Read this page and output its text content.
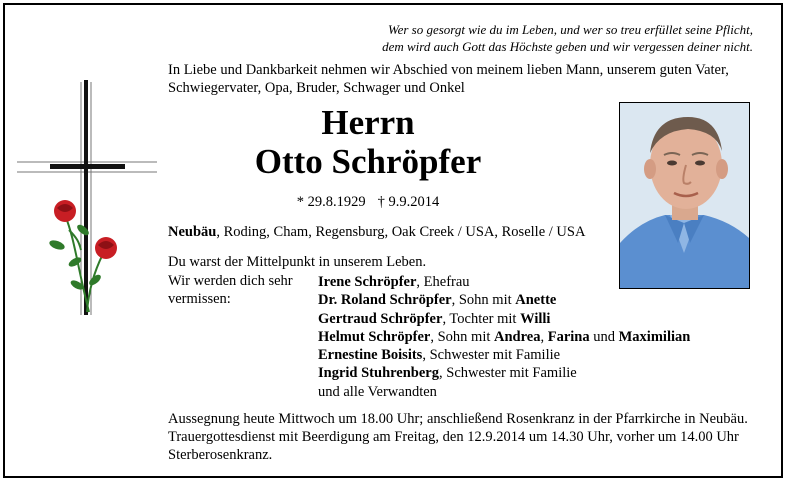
Wer so gesorgt wie du im Leben, und wer so treu erfüllet seine Pflicht,
dem wird auch Gott das Höchste geben und wir vergessen deiner nicht.
In Liebe und Dankbarkeit nehmen wir Abschied von meinem lieben Mann, unserem guten Vater,
Schwiegervater, Opa, Bruder, Schwager und Onkel
Herrn
Otto Schröpfer
* 29.8.1929 † 9.9.2014
Neubäu, Roding, Cham, Regensburg, Oak Creek / USA, Roselle / USA
Du warst der Mittelpunkt in unserem Leben.
Wir werden dich sehr
vermissen:
Irene Schröpfer, Ehefrau
Dr. Roland Schröpfer, Sohn mit Anette
Gertraud Schröpfer, Tochter mit Willi
Helmut Schröpfer, Sohn mit Andrea, Farina und Maximilian
Ernestine Boisits, Schwester mit Familie
Ingrid Stuhrenberg, Schwester mit Familie
und alle Verwandten
Aussegnung heute Mittwoch um 18.00 Uhr; anschließend Rosenkranz in der Pfarrkirche in Neubäu.
Trauergottesdienst mit Beerdigung am Freitag, den 12.9.2014 um 14.30 Uhr, vorher um 14.00 Uhr
Sterberosenkranz.
